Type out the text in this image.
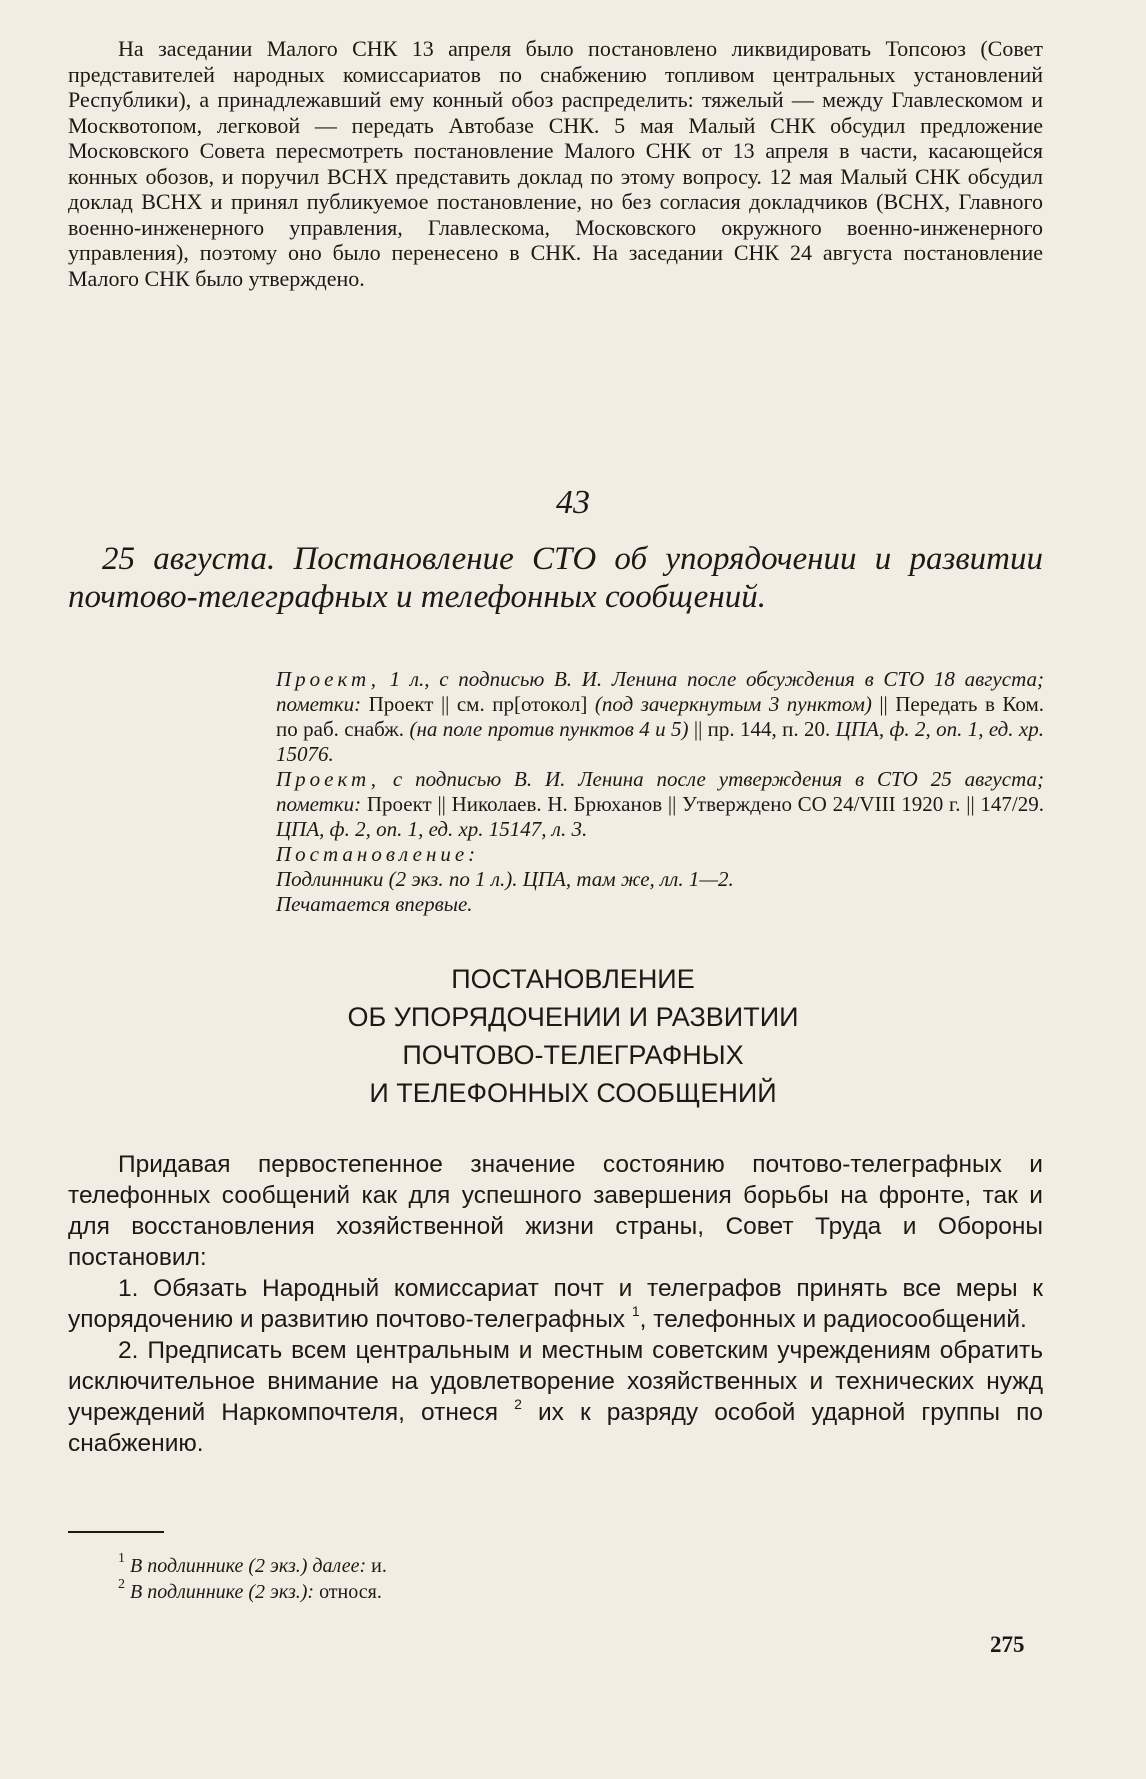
На заседании Малого СНК 13 апреля было постановлено ликвидировать Топсоюз (Совет представителей народных комиссариатов по снабжению топливом центральных установлений Республики), а принадлежавший ему конный обоз распределить: тяжелый — между Главлескомом и Москвотопом, легковой — передать Автобазе СНК. 5 мая Малый СНК обсудил предложение Московского Совета пересмотреть постановление Малого СНК от 13 апреля в части, касающейся конных обозов, и поручил ВСНХ представить доклад по этому вопросу. 12 мая Малый СНК обсудил доклад ВСНХ и принял публикуемое постановление, но без согласия докладчиков (ВСНХ, Главного военно-инженерного управления, Главлескома, Московского окружного военно-инженерного управления), поэтому оно было перенесено в СНК. На заседании СНК 24 августа постановление Малого СНК было утверждено.

43

25 августа. Постановление СТО об упорядочении и развитии почтово-телеграфных и телефонных сообщений.

Проект, 1 л., с подписью В. И. Ленина после обсуждения в СТО 18 августа; пометки: Проект || см. пр[отокол] (под зачеркнутым 3 пунктом) || Передать в Ком. по раб. снабж. (на поле против пунктов 4 и 5) || пр. 144, п. 20. ЦПА, ф. 2, оп. 1, ед. хр. 15076.

Проект, с подписью В. И. Ленина после утверждения в СТО 25 августа; пометки: Проект || Николаев. Н. Брюханов || Утверждено СО 24/VIII 1920 г. || 147/29. ЦПА, ф. 2, оп. 1, ед. хр. 15147, л. 3.

Постановление:

Подлинники (2 экз. по 1 л.). ЦПА, там же, лл. 1—2.

Печатается впервые.

ПОСТАНОВЛЕНИЕ
ОБ УПОРЯДОЧЕНИИ И РАЗВИТИИ
ПОЧТОВО-ТЕЛЕГРАФНЫХ
И ТЕЛЕФОННЫХ СООБЩЕНИЙ

Придавая первостепенное значение состоянию почтово-телеграфных и телефонных сообщений как для успешного завершения борьбы на фронте, так и для восстановления хозяйственной жизни страны, Совет Труда и Обороны постановил:

1. Обязать Народный комиссариат почт и телеграфов принять все меры к упорядочению и развитию почтово-телеграфных $^1$, телефонных и радиосообщений.

2. Предписать всем центральным и местным советским учреждениям обратить исключительное внимание на удовлетворение хозяйственных и технических нужд учреждений Наркомпочтеля, отнеся $^2$ их к разряду особой ударной группы по снабжению.

$^1$ В подлиннике (2 экз.) далее: и.

$^2$ В подлиннике (2 экз.): относя.

275
